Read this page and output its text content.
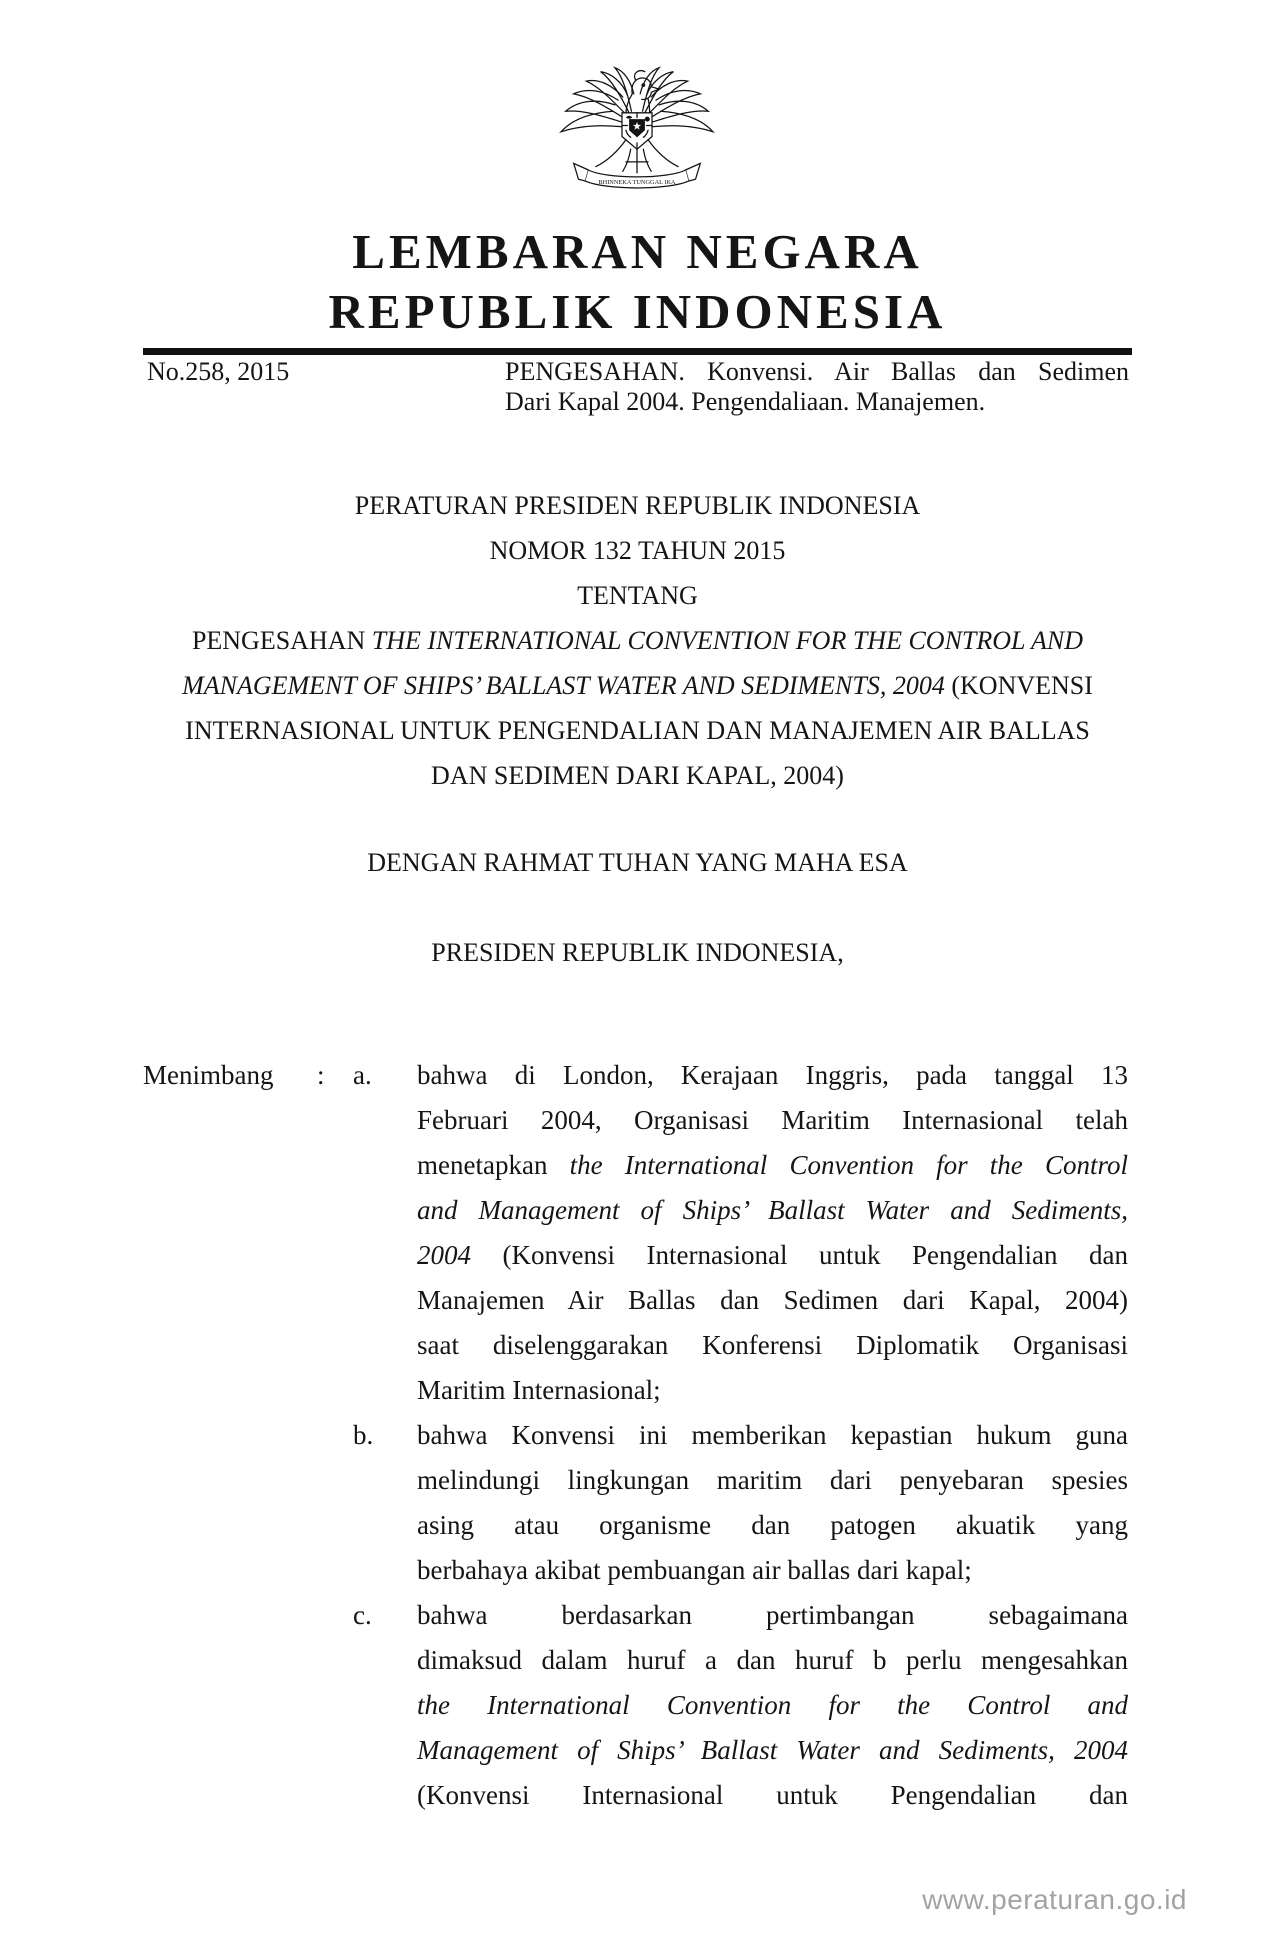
BHINNEKA TUNGGAL IKA
LEMBARAN NEGARA
REPUBLIK INDONESIA
No.258, 2015	PENGESAHAN. Konvensi. Air Ballas dan Sedimen
Dari Kapal 2004. Pengendaliaan. Manajemen.
PERATURAN PRESIDEN REPUBLIK INDONESIA
NOMOR 132 TAHUN 2015
TENTANG
PENGESAHAN THE INTERNATIONAL CONVENTION FOR THE CONTROL AND
MANAGEMENT OF SHIPS’ BALLAST WATER AND SEDIMENTS, 2004 (KONVENSI
INTERNASIONAL UNTUK PENGENDALIAN DAN MANAJEMEN AIR BALLAS
DAN SEDIMEN DARI KAPAL, 2004)
DENGAN RAHMAT TUHAN YANG MAHA ESA
PRESIDEN REPUBLIK INDONESIA,
Menimbang : a. bahwa di London, Kerajaan Inggris, pada tanggal 13
Februari 2004, Organisasi Maritim Internasional telah
menetapkan the International Convention for the Control
and Management of Ships’ Ballast Water and Sediments,
2004 (Konvensi Internasional untuk Pengendalian dan
Manajemen Air Ballas dan Sedimen dari Kapal, 2004)
saat diselenggarakan Konferensi Diplomatik Organisasi
Maritim Internasional;
b. bahwa Konvensi ini memberikan kepastian hukum guna
melindungi lingkungan maritim dari penyebaran spesies
asing atau organisme dan patogen akuatik yang
berbahaya akibat pembuangan air ballas dari kapal;
c. bahwa berdasarkan pertimbangan sebagaimana
dimaksud dalam huruf a dan huruf b perlu mengesahkan
the International Convention for the Control and
Management of Ships’ Ballast Water and Sediments, 2004
(Konvensi Internasional untuk Pengendalian dan
www.peraturan.go.id
